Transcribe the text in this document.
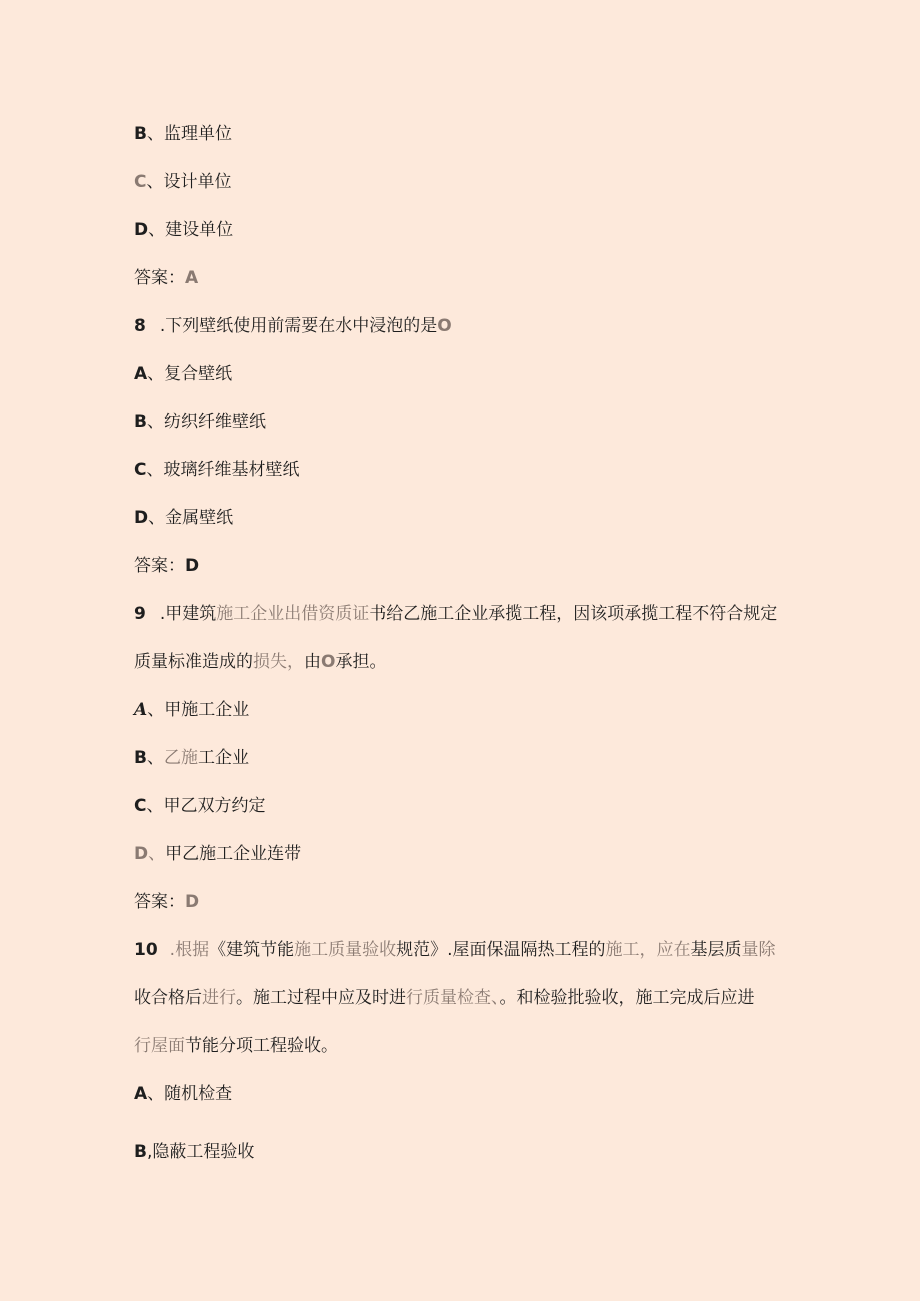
B、监理单位
C、设计单位
D、建设单位
答案：A
8 .下列壁纸使用前需要在水中浸泡的是O
A、复合壁纸
B、纺织纤维壁纸
C、玻璃纤维基材壁纸
D、金属壁纸
答案：D
9 .甲建筑施工企业出借资质证书给乙施工企业承揽工程，因该项承揽工程不符合规定
质量标准造成的损失，由O承担。
A、甲施工企业
B、乙施工企业
C、甲乙双方约定
D、甲乙施工企业连带
答案：D
10 .根据《建筑节能施工质量验收规范》.屋面保温隔热工程的施工，应在基层质量除
收合格后进行。施工过程中应及时进行质量检查、。和检验批验收，施工完成后应进
行屋面节能分项工程验收。
A、随机检查
B,隐蔽工程验收
